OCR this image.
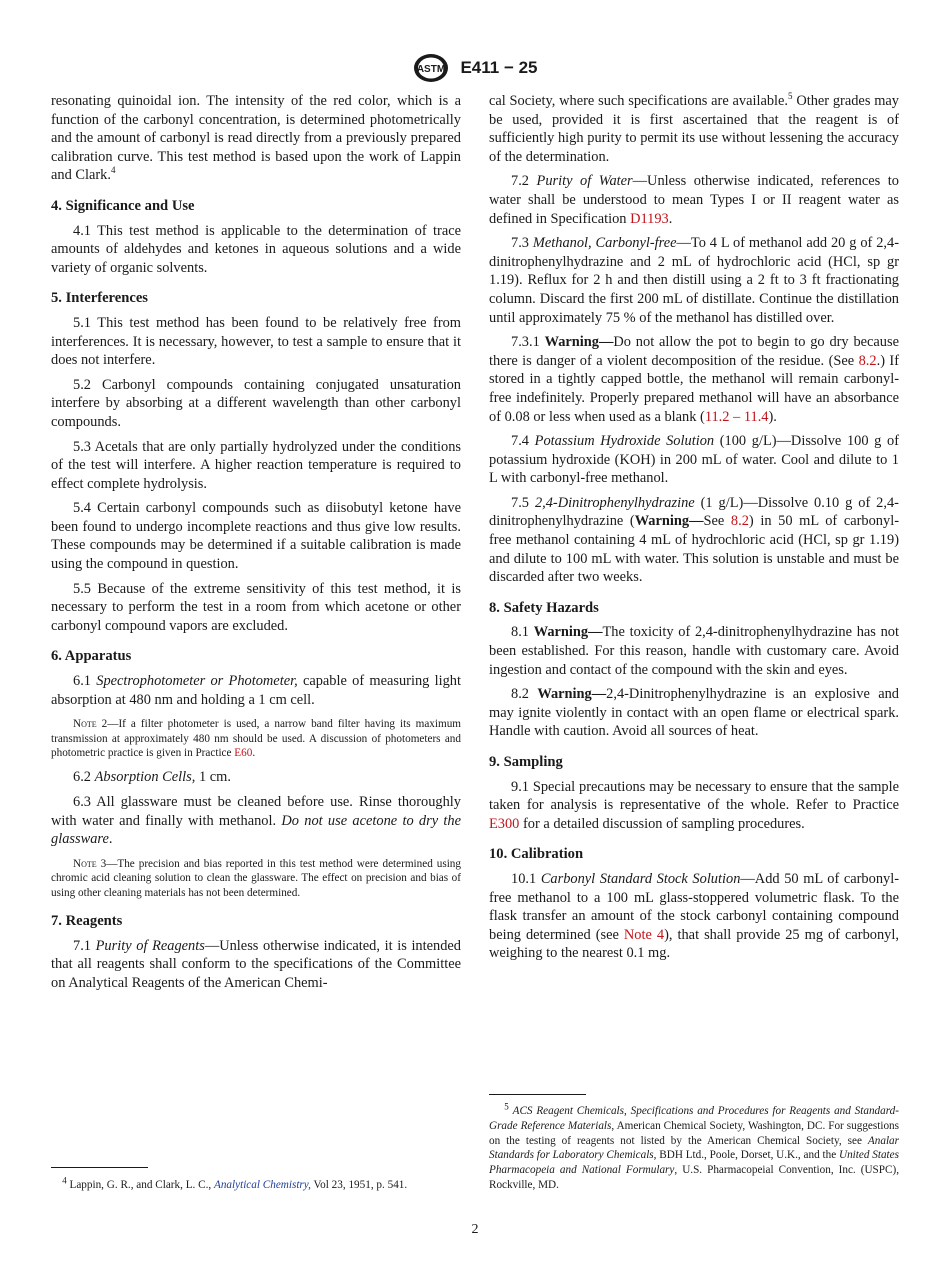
ASTM E411 − 25

resonating quinoidal ion. The intensity of the red color, which is a function of the carbonyl concentration, is determined photometrically and the amount of carbonyl is read directly from a previously prepared calibration curve. This test method is based upon the work of Lappin and Clark.$^4$

4. Significance and Use

4.1 This test method is applicable to the determination of trace amounts of aldehydes and ketones in aqueous solutions and a wide variety of organic solvents.

5. Interferences

5.1 This test method has been found to be relatively free from interferences. It is necessary, however, to test a sample to ensure that it does not interfere.

5.2 Carbonyl compounds containing conjugated unsaturation interfere by absorbing at a different wavelength than other carbonyl compounds.

5.3 Acetals that are only partially hydrolyzed under the conditions of the test will interfere. A higher reaction temperature is required to effect complete hydrolysis.

5.4 Certain carbonyl compounds such as diisobutyl ketone have been found to undergo incomplete reactions and thus give low results. These compounds may be determined if a suitable calibration is made using the compound in question.

5.5 Because of the extreme sensitivity of this test method, it is necessary to perform the test in a room from which acetone or other carbonyl compound vapors are excluded.

6. Apparatus

6.1 Spectrophotometer or Photometer, capable of measuring light absorption at 480 nm and holding a 1 cm cell.

Note 2—If a filter photometer is used, a narrow band filter having its maximum transmission at approximately 480 nm should be used. A discussion of photometers and photometric practice is given in Practice E60.

6.2 Absorption Cells, 1 cm.

6.3 All glassware must be cleaned before use. Rinse thoroughly with water and finally with methanol. Do not use acetone to dry the glassware.

Note 3—The precision and bias reported in this test method were determined using chromic acid cleaning solution to clean the glassware. The effect on precision and bias of using other cleaning materials has not been determined.
7. Reagents

7.1 Purity of Reagents—Unless otherwise indicated, it is intended that all reagents shall conform to the specifications of the Committee on Analytical Reagents of the American Chemi-

$^4$ Lappin, G. R., and Clark, L. C., Analytical Chemistry, Vol 23, 1951, p. 541.

cal Society, where such specifications are available.$^5$ Other grades may be used, provided it is first ascertained that the reagent is of sufficiently high purity to permit its use without lessening the accuracy of the determination.

7.2 Purity of Water—Unless otherwise indicated, references to water shall be understood to mean Types I or II reagent water as defined in Specification D1193.

7.3 Methanol, Carbonyl-free—To 4 L of methanol add 20 g of 2,4-dinitrophenylhydrazine and 2 mL of hydrochloric acid (HCl, sp gr 1.19). Reflux for 2 h and then distill using a 2 ft to 3 ft fractionating column. Discard the first 200 mL of distillate. Continue the distillation until approximately 75 % of the methanol has distilled over.

7.3.1 Warning—Do not allow the pot to begin to go dry because there is danger of a violent decomposition of the residue. (See 8.2.) If stored in a tightly capped bottle, the methanol will remain carbonyl-free indefinitely. Properly prepared methanol will have an absorbance of 0.08 or less when used as a blank (11.2 – 11.4).

7.4 Potassium Hydroxide Solution (100 g/L)—Dissolve 100 g of potassium hydroxide (KOH) in 200 mL of water. Cool and dilute to 1 L with carbonyl-free methanol.

7.5 2,4-Dinitrophenylhydrazine (1 g/L)—Dissolve 0.10 g of 2,4-dinitrophenylhydrazine (Warning—See 8.2) in 50 mL of carbonyl-free methanol containing 4 mL of hydrochloric acid (HCl, sp gr 1.19) and dilute to 100 mL with water. This solution is unstable and must be discarded after two weeks.

8. Safety Hazards

8.1 Warning—The toxicity of 2,4-dinitrophenylhydrazine has not been established. For this reason, handle with customary care. Avoid ingestion and contact of the compound with the skin and eyes.

8.2 Warning—2,4-Dinitrophenylhydrazine is an explosive and may ignite violently in contact with an open flame or electrical spark. Handle with caution. Avoid all sources of heat.

9. Sampling

9.1 Special precautions may be necessary to ensure that the sample taken for analysis is representative of the whole. Refer to Practice E300 for a detailed discussion of sampling procedures.

10. Calibration

10.1 Carbonyl Standard Stock Solution—Add 50 mL of carbonyl-free methanol to a 100 mL glass-stoppered volumetric flask. To the flask transfer an amount of the stock carbonyl containing compound being determined (see Note 4), that shall provide 25 mg of carbonyl, weighing to the nearest 0.1 mg.

$^5$ ACS Reagent Chemicals, Specifications and Procedures for Reagents and Standard-Grade Reference Materials, American Chemical Society, Washington, DC. For suggestions on the testing of reagents not listed by the American Chemical Society, see Analar Standards for Laboratory Chemicals, BDH Ltd., Poole, Dorset, U.K., and the United States Pharmacopeia and National Formulary, U.S. Pharmacopeial Convention, Inc. (USPC), Rockville, MD.
2
